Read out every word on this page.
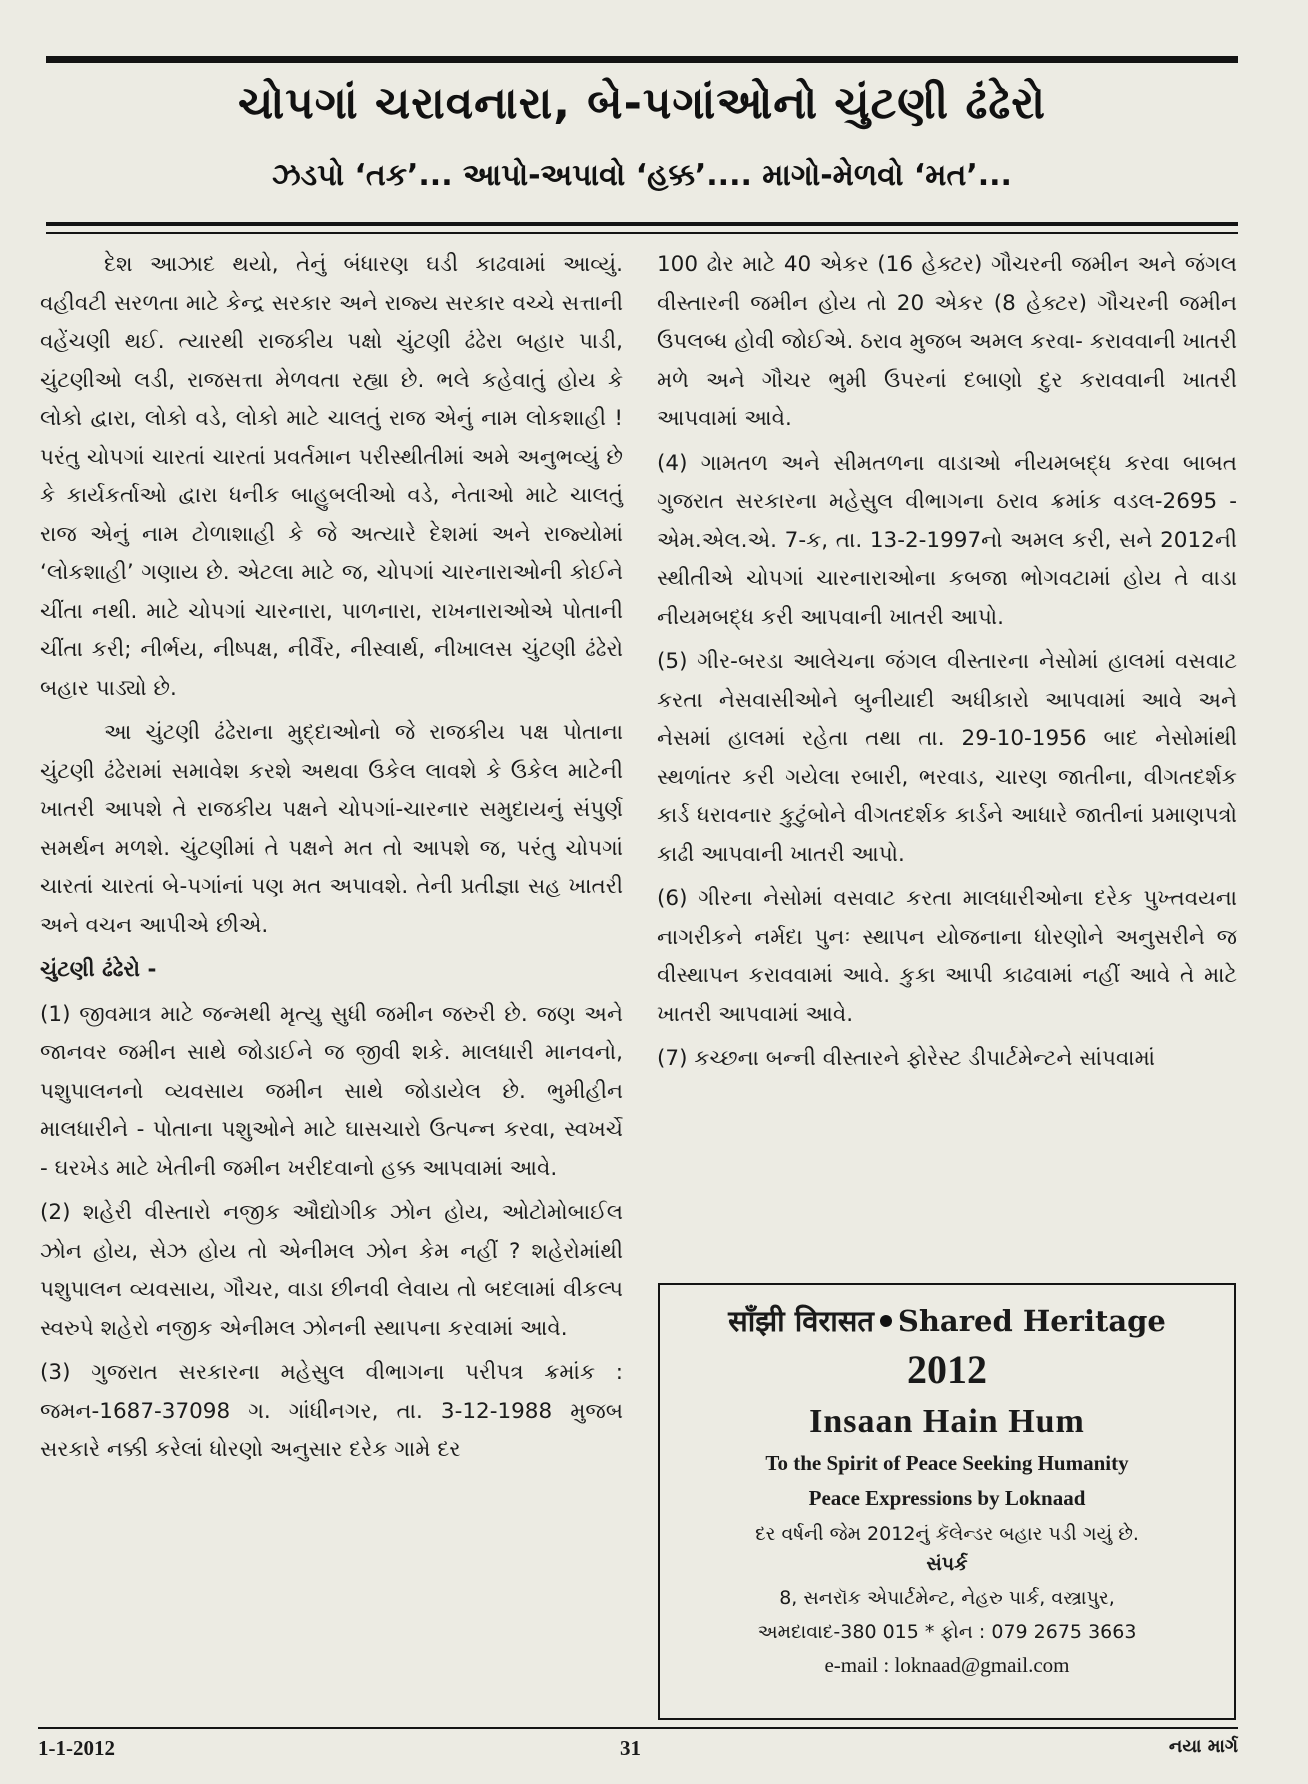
ચોપગાં ચરાવનારા, બે-પગાંઓનો ચુંટણી ઢંઢેરો
ઝડપો ‘તક’... આપો-અપાવો ‘હક્ક’.... માગો-મેળવો ‘મત’...

દેશ આઝાદ થયો, તેનું બંધારણ ઘડી કાઢવામાં આવ્યું. વહીવટી સરળતા માટે કેન્દ્ર સરકાર અને રાજ્ય સરકાર વચ્ચે સત્તાની વહેંચણી થઈ. ત્યારથી રાજકીય પક્ષો ચુંટણી ઢંઢેરા બહાર પાડી, ચુંટણીઓ લડી, રાજસત્તા મેળવતા રહ્યા છે. ભલે કહેવાતું હોય કે લોકો દ્વારા, લોકો વડે, લોકો માટે ચાલતું રાજ એનું નામ લોકશાહી ! પરંતુ ચોપગાં ચારતાં ચારતાં પ્રવર્તમાન પરીસ્થીતીમાં અમે અનુભવ્યું છે કે કાર્યકર્તાઓ દ્વારા ધનીક બાહુબલીઓ વડે, નેતાઓ માટે ચાલતું રાજ એનું નામ ટોળાશાહી કે જે અત્યારે દેશમાં અને રાજ્યોમાં ‘લોકશાહી’ ગણાય છે. એટલા માટે જ, ચોપગાં ચારનારાઓની કોઈને ચીંતા નથી. માટે ચોપગાં ચારનારા, પાળનારા, રાખનારાઓએ પોતાની ચીંતા કરી; નીર્ભય, નીષ્પક્ષ, નીર્વૈર, નીસ્વાર્થ, નીખાલસ ચુંટણી ઢંઢેરો બહાર પાડ્યો છે.

આ ચુંટણી ઢંઢેરાના મુદ્દાઓનો જે રાજકીય પક્ષ પોતાના ચુંટણી ઢંઢેરામાં સમાવેશ કરશે અથવા ઉકેલ લાવશે કે ઉકેલ માટેની ખાતરી આપશે તે રાજકીય પક્ષને ચોપગાં-ચારનાર સમુદાયનું સંપુર્ણ સમર્થન મળશે. ચુંટણીમાં તે પક્ષને મત તો આપશે જ, પરંતુ ચોપગાં ચારતાં ચારતાં બે-પગાંનાં પણ મત અપાવશે. તેની પ્રતીજ્ઞા સહ ખાતરી અને વચન આપીએ છીએ.

ચુંટણી ઢંઢેરો -

(1) જીવમાત્ર માટે જન્મથી મૃત્યુ સુધી જમીન જરુરી છે. જણ અને જાનવર જમીન સાથે જોડાઈને જ જીવી શકે. માલધારી માનવનો, પશુપાલનનો વ્યવસાય જમીન સાથે જોડાયેલ છે. ભુમીહીન માલધારીને - પોતાના પશુઓને માટે ઘાસચારો ઉત્પન્ન કરવા, સ્વખર્ચે - ઘરખેડ માટે ખેતીની જમીન ખરીદવાનો હક્ક આપવામાં આવે.

(2) શહેરી વીસ્તારો નજીક ઔદ્યોગીક ઝોન હોય, ઓટોમોબાઈલ ઝોન હોય, સેઝ હોય તો એનીમલ ઝોન કેમ નહીં ? શહેરોમાંથી પશુપાલન વ્યવસાય, ગૌચર, વાડા છીનવી લેવાય તો બદલામાં વીકલ્પ સ્વરુપે શહેરો નજીક એનીમલ ઝોનની સ્થાપના કરવામાં આવે.

(3) ગુજરાત સરકારના મહેસુલ વીભાગના પરીપત્ર ક્રમાંક : જમન-1687-37098 ગ. ગાંધીનગર, તા. 3-12-1988 મુજબ સરકારે નક્કી કરેલાં ધોરણો અનુસાર દરેક ગામે દર

100 ઢોર માટે 40 એકર (16 હેક્ટર) ગૌચરની જમીન અને જંગલ વીસ્તારની જમીન હોય તો 20 એકર (8 હેક્ટર) ગૌચરની જમીન ઉપલબ્ધ હોવી જોઈએ. ઠરાવ મુજબ અમલ કરવા- કરાવવાની ખાતરી મળે અને ગૌચર ભુમી ઉપરનાં દબાણો દુર કરાવવાની ખાતરી આપવામાં આવે.

(4) ગામતળ અને સીમતળના વાડાઓ નીયમબદ્ધ કરવા બાબત ગુજરાત સરકારના મહેસુલ વીભાગના ઠરાવ ક્રમાંક વડલ-2695 - એમ.એલ.એ. 7-ક, તા. 13-2-1997નો અમલ કરી, સને 2012ની સ્થીતીએ ચોપગાં ચારનારાઓના કબજા ભોગવટામાં હોય તે વાડા નીયમબદ્ધ કરી આપવાની ખાતરી આપો.

(5) ગીર-બરડા આલેચના જંગલ વીસ્તારના નેસોમાં હાલમાં વસવાટ કરતા નેસવાસીઓને બુનીયાદી અધીકારો આપવામાં આવે અને નેસમાં હાલમાં રહેતા તથા તા. 29-10-1956 બાદ નેસોમાંથી સ્થળાંતર કરી ગયેલા રબારી, ભરવાડ, ચારણ જાતીના, વીગતદર્શક કાર્ડ ધરાવનાર કુટુંબોને વીગતદર્શક કાર્ડને આધારે જાતીનાં પ્રમાણપત્રો કાઢી આપવાની ખાતરી આપો.

(6) ગીરના નેસોમાં વસવાટ કરતા માલધારીઓના દરેક પુખ્તવયના નાગરીકને નર્મદા પુનઃ સ્થાપન યોજનાના ધોરણોને અનુસરીને જ વીસ્થાપન કરાવવામાં આવે. કુકા આપી કાઢવામાં નહીં આવે તે માટે ખાતરી આપવામાં આવે.

(7) કચ્છના બન્ની વીસ્તારને ફોરેસ્ટ ડીપાર્ટમેન્ટને સાંપવામાં

साँझी विरासत Shared Heritage
2012
Insaan Hain Hum
To the Spirit of Peace Seeking Humanity
Peace Expressions by Loknaad
દર વર્ષની જેમ 2012નું કૅલેન્ડર બહાર પડી ગયું છે.
સંપર્ક
8, સનરૉક એપાર્ટમેન્ટ, નેહરુ પાર્ક, વસ્ત્રાપુર,
અમદાવાદ-380 015 * ફોન : 079 2675 3663
e-mail : loknaad@gmail.com
1-1-2012	31	નયા માર્ગ
